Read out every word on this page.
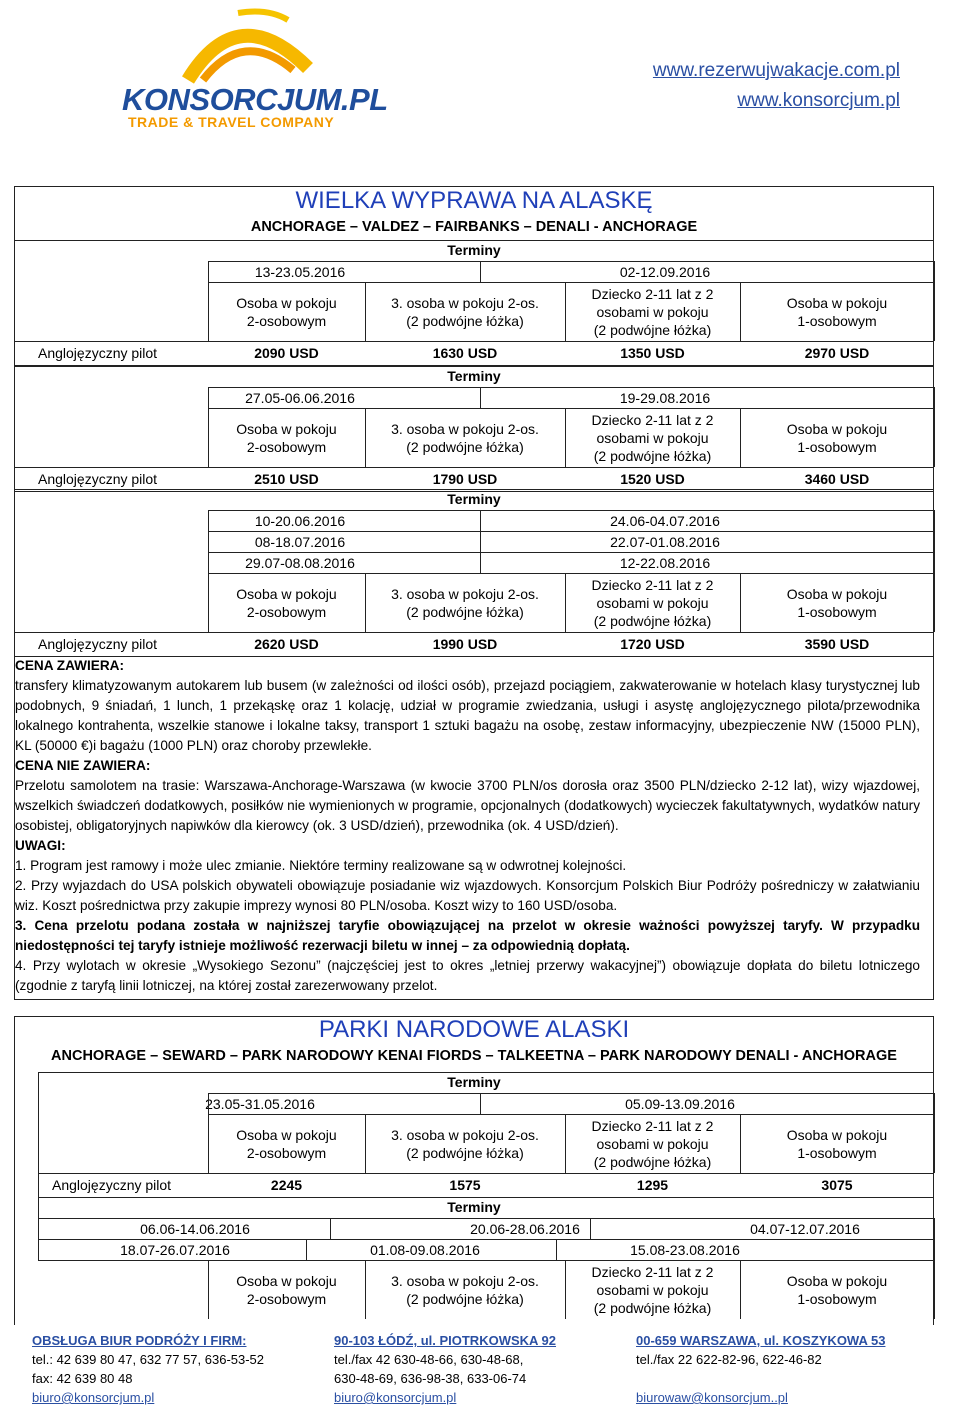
KONSORCJUM.PL
TRADE & TRAVEL COMPANY
www.rezerwujwakacje.com.pl
www.konsorcjum.pl
WIELKA WYPRAWA NA ALASKĘ
ANCHORAGE – VALDEZ – FAIRBANKS – DENALI - ANCHORAGE
Terminy
13-23.05.2016	02-12.09.2016
Osoba w pokoju
2-osobowym
3. osoba w pokoju 2-os.
(2 podwójne łóżka)
Dziecko 2-11 lat z 2
osobami w pokoju
(2 podwójne łóżka)
Osoba w pokoju
1-osobowym
Anglojęzyczny pilot	2090 USD	1630 USD	1350 USD	2970 USD
Terminy
27.05-06.06.2016	19-29.08.2016
Osoba w pokoju
2-osobowym
3. osoba w pokoju 2-os.
(2 podwójne łóżka)
Dziecko 2-11 lat z 2
osobami w pokoju
(2 podwójne łóżka)
Osoba w pokoju
1-osobowym
Anglojęzyczny pilot	2510 USD	1790 USD	1520 USD	3460 USD
Terminy
10-20.06.2016	24.06-04.07.2016
08-18.07.2016	22.07-01.08.2016
29.07-08.08.2016	12-22.08.2016
Osoba w pokoju
2-osobowym
3. osoba w pokoju 2-os.
(2 podwójne łóżka)
Dziecko 2-11 lat z 2
osobami w pokoju
(2 podwójne łóżka)
Osoba w pokoju
1-osobowym
Anglojęzyczny pilot	2620 USD	1990 USD	1720 USD	3590 USD
CENA ZAWIERA:
transfery klimatyzowanym autokarem lub busem (w zależności od ilości osób), przejazd pociągiem, zakwaterowanie w hotelach klasy turystycznej lub podobnych, 9 śniadań, 1 lunch, 1 przekąskę oraz 1 kolację, udział w programie zwiedzania, usługi i asystę anglojęzycznego pilota/przewodnika lokalnego kontrahenta, wszelkie stanowe i lokalne taksy, transport 1 sztuki bagażu na osobę, zestaw informacyjny, ubezpieczenie NW (15000 PLN), KL (50000 €)i bagażu (1000 PLN) oraz choroby przewlekłe.
CENA NIE ZAWIERA:
Przelotu samolotem na trasie: Warszawa-Anchorage-Warszawa (w kwocie 3700 PLN/os dorosła oraz 3500 PLN/dziecko 2-12 lat), wizy wjazdowej, wszelkich świadczeń dodatkowych, posiłków nie wymienionych w programie, opcjonalnych (dodatkowych) wycieczek fakultatywnych, wydatków natury osobistej, obligatoryjnych napiwków dla kierowcy (ok. 3 USD/dzień), przewodnika (ok. 4 USD/dzień).
UWAGI:
1. Program jest ramowy i może ulec zmianie. Niektóre terminy realizowane są w odwrotnej kolejności.
2. Przy wyjazdach do USA polskich obywateli obowiązuje posiadanie wiz wjazdowych. Konsorcjum Polskich Biur Podróży pośredniczy w załatwianiu wiz. Koszt pośrednictwa przy zakupie imprezy wynosi 80 PLN/osoba. Koszt wizy to 160 USD/osoba.
3. Cena przelotu podana została w najniższej taryfie obowiązującej na przelot w okresie ważności powyższej taryfy. W przypadku niedostępności tej taryfy istnieje możliwość rezerwacji biletu w innej – za odpowiednią dopłatą.
4. Przy wylotach w okresie „Wysokiego Sezonu” (najczęściej jest to okres „letniej przerwy wakacyjnej”) obowiązuje dopłata do biletu lotniczego (zgodnie z taryfą linii lotniczej, na której został zarezerwowany przelot.
PARKI NARODOWE ALASKI
ANCHORAGE – SEWARD – PARK NARODOWY KENAI FIORDS – TALKEETNA – PARK NARODOWY DENALI - ANCHORAGE
Terminy
23.05-31.05.2016	05.09-13.09.2016
Osoba w pokoju
2-osobowym
3. osoba w pokoju 2-os.
(2 podwójne łóżka)
Dziecko 2-11 lat z 2
osobami w pokoju
(2 podwójne łóżka)
Osoba w pokoju
1-osobowym
Anglojęzyczny pilot	2245	1575	1295	3075
Terminy
06.06-14.06.2016	20.06-28.06.2016	04.07-12.07.2016
18.07-26.07.2016	01.08-09.08.2016	15.08-23.08.2016
Osoba w pokoju
2-osobowym
3. osoba w pokoju 2-os.
(2 podwójne łóżka)
Dziecko 2-11 lat z 2
osobami w pokoju
(2 podwójne łóżka)
Osoba w pokoju
1-osobowym
OBSŁUGA BIUR PODRÓŻY I FIRM:
tel.: 42 639 80 47, 632 77 57, 636-53-52
fax: 42 639 80 48
biuro@konsorcjum.pl
90-103 ŁÓDŹ, ul. PIOTRKOWSKA 92
tel./fax 42 630-48-66, 630-48-68,
630-48-69, 636-98-38, 633-06-74
biuro@konsorcjum.pl
00-659 WARSZAWA, ul. KOSZYKOWA 53
tel./fax 22 622-82-96, 622-46-82

biurowaw@konsorcjum..pl
